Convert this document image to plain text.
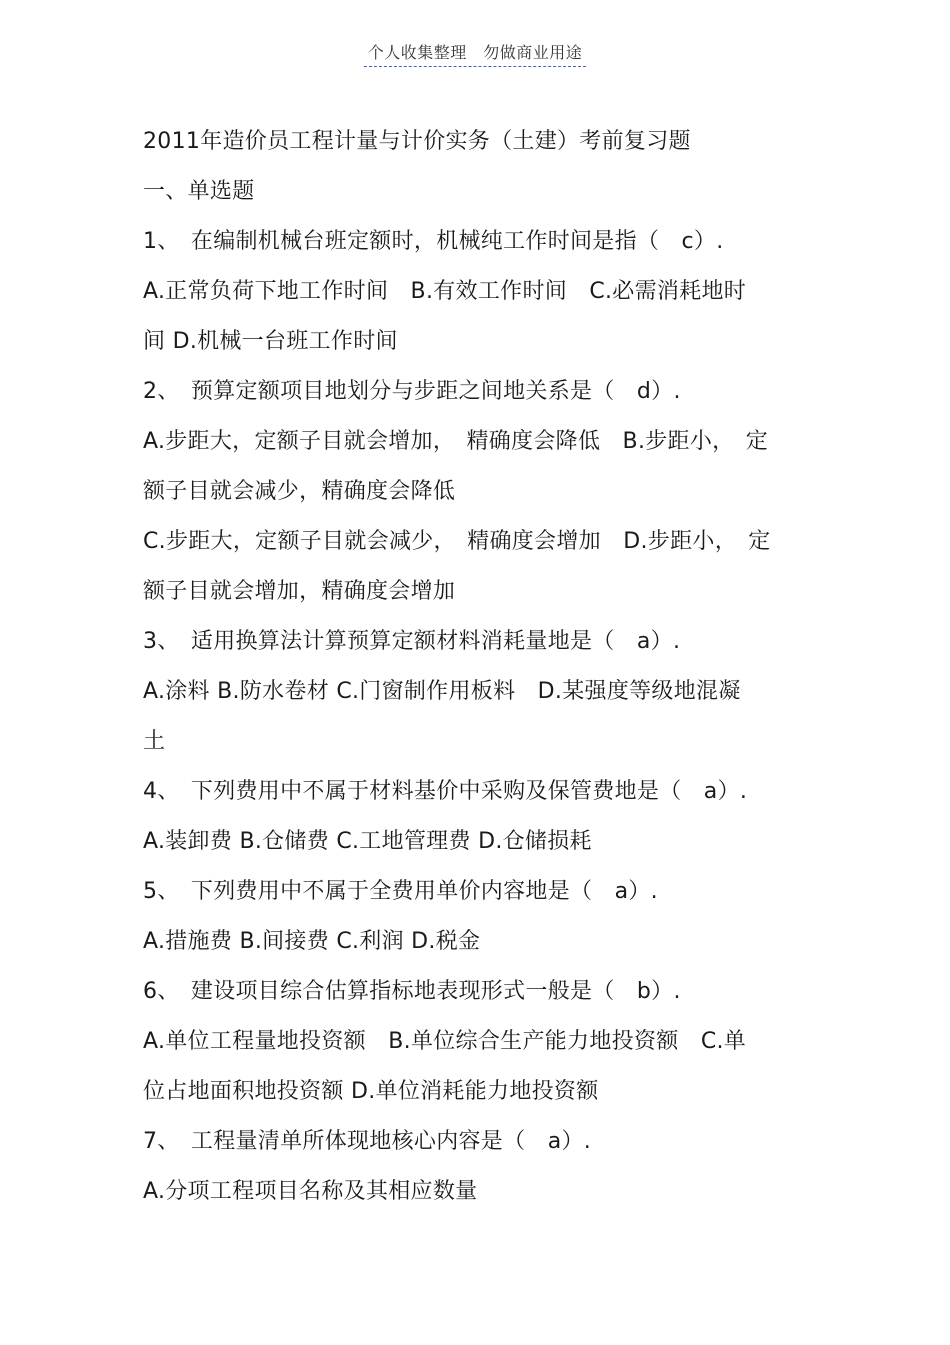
个人收集整理　勿做商业用途
2011年造价员工程计量与计价实务（土建）考前复习题
一、单选题
1、　在编制机械台班定额时，机械纯工作时间是指（　c）.
A.正常负荷下地工作时间　B.有效工作时间　C.必需消耗地时
间 D.机械一台班工作时间
2、　预算定额项目地划分与步距之间地关系是（　d）.
A.步距大，定额子目就会增加，　精确度会降低　B.步距小，　定
额子目就会减少，精确度会降低
C.步距大，定额子目就会减少，　精确度会增加　D.步距小，　定
额子目就会增加，精确度会增加
3、　适用换算法计算预算定额材料消耗量地是（　a）.
A.涂料 B.防水卷材 C.门窗制作用板料　D.某强度等级地混凝
土
4、　下列费用中不属于材料基价中采购及保管费地是（　a）.
A.装卸费 B.仓储费 C.工地管理费 D.仓储损耗
5、　下列费用中不属于全费用单价内容地是（　a）.
A.措施费 B.间接费 C.利润 D.税金
6、　建设项目综合估算指标地表现形式一般是（　b）.
A.单位工程量地投资额　B.单位综合生产能力地投资额　C.单
位占地面积地投资额 D.单位消耗能力地投资额
7、　工程量清单所体现地核心内容是（　a）.
A.分项工程项目名称及其相应数量
